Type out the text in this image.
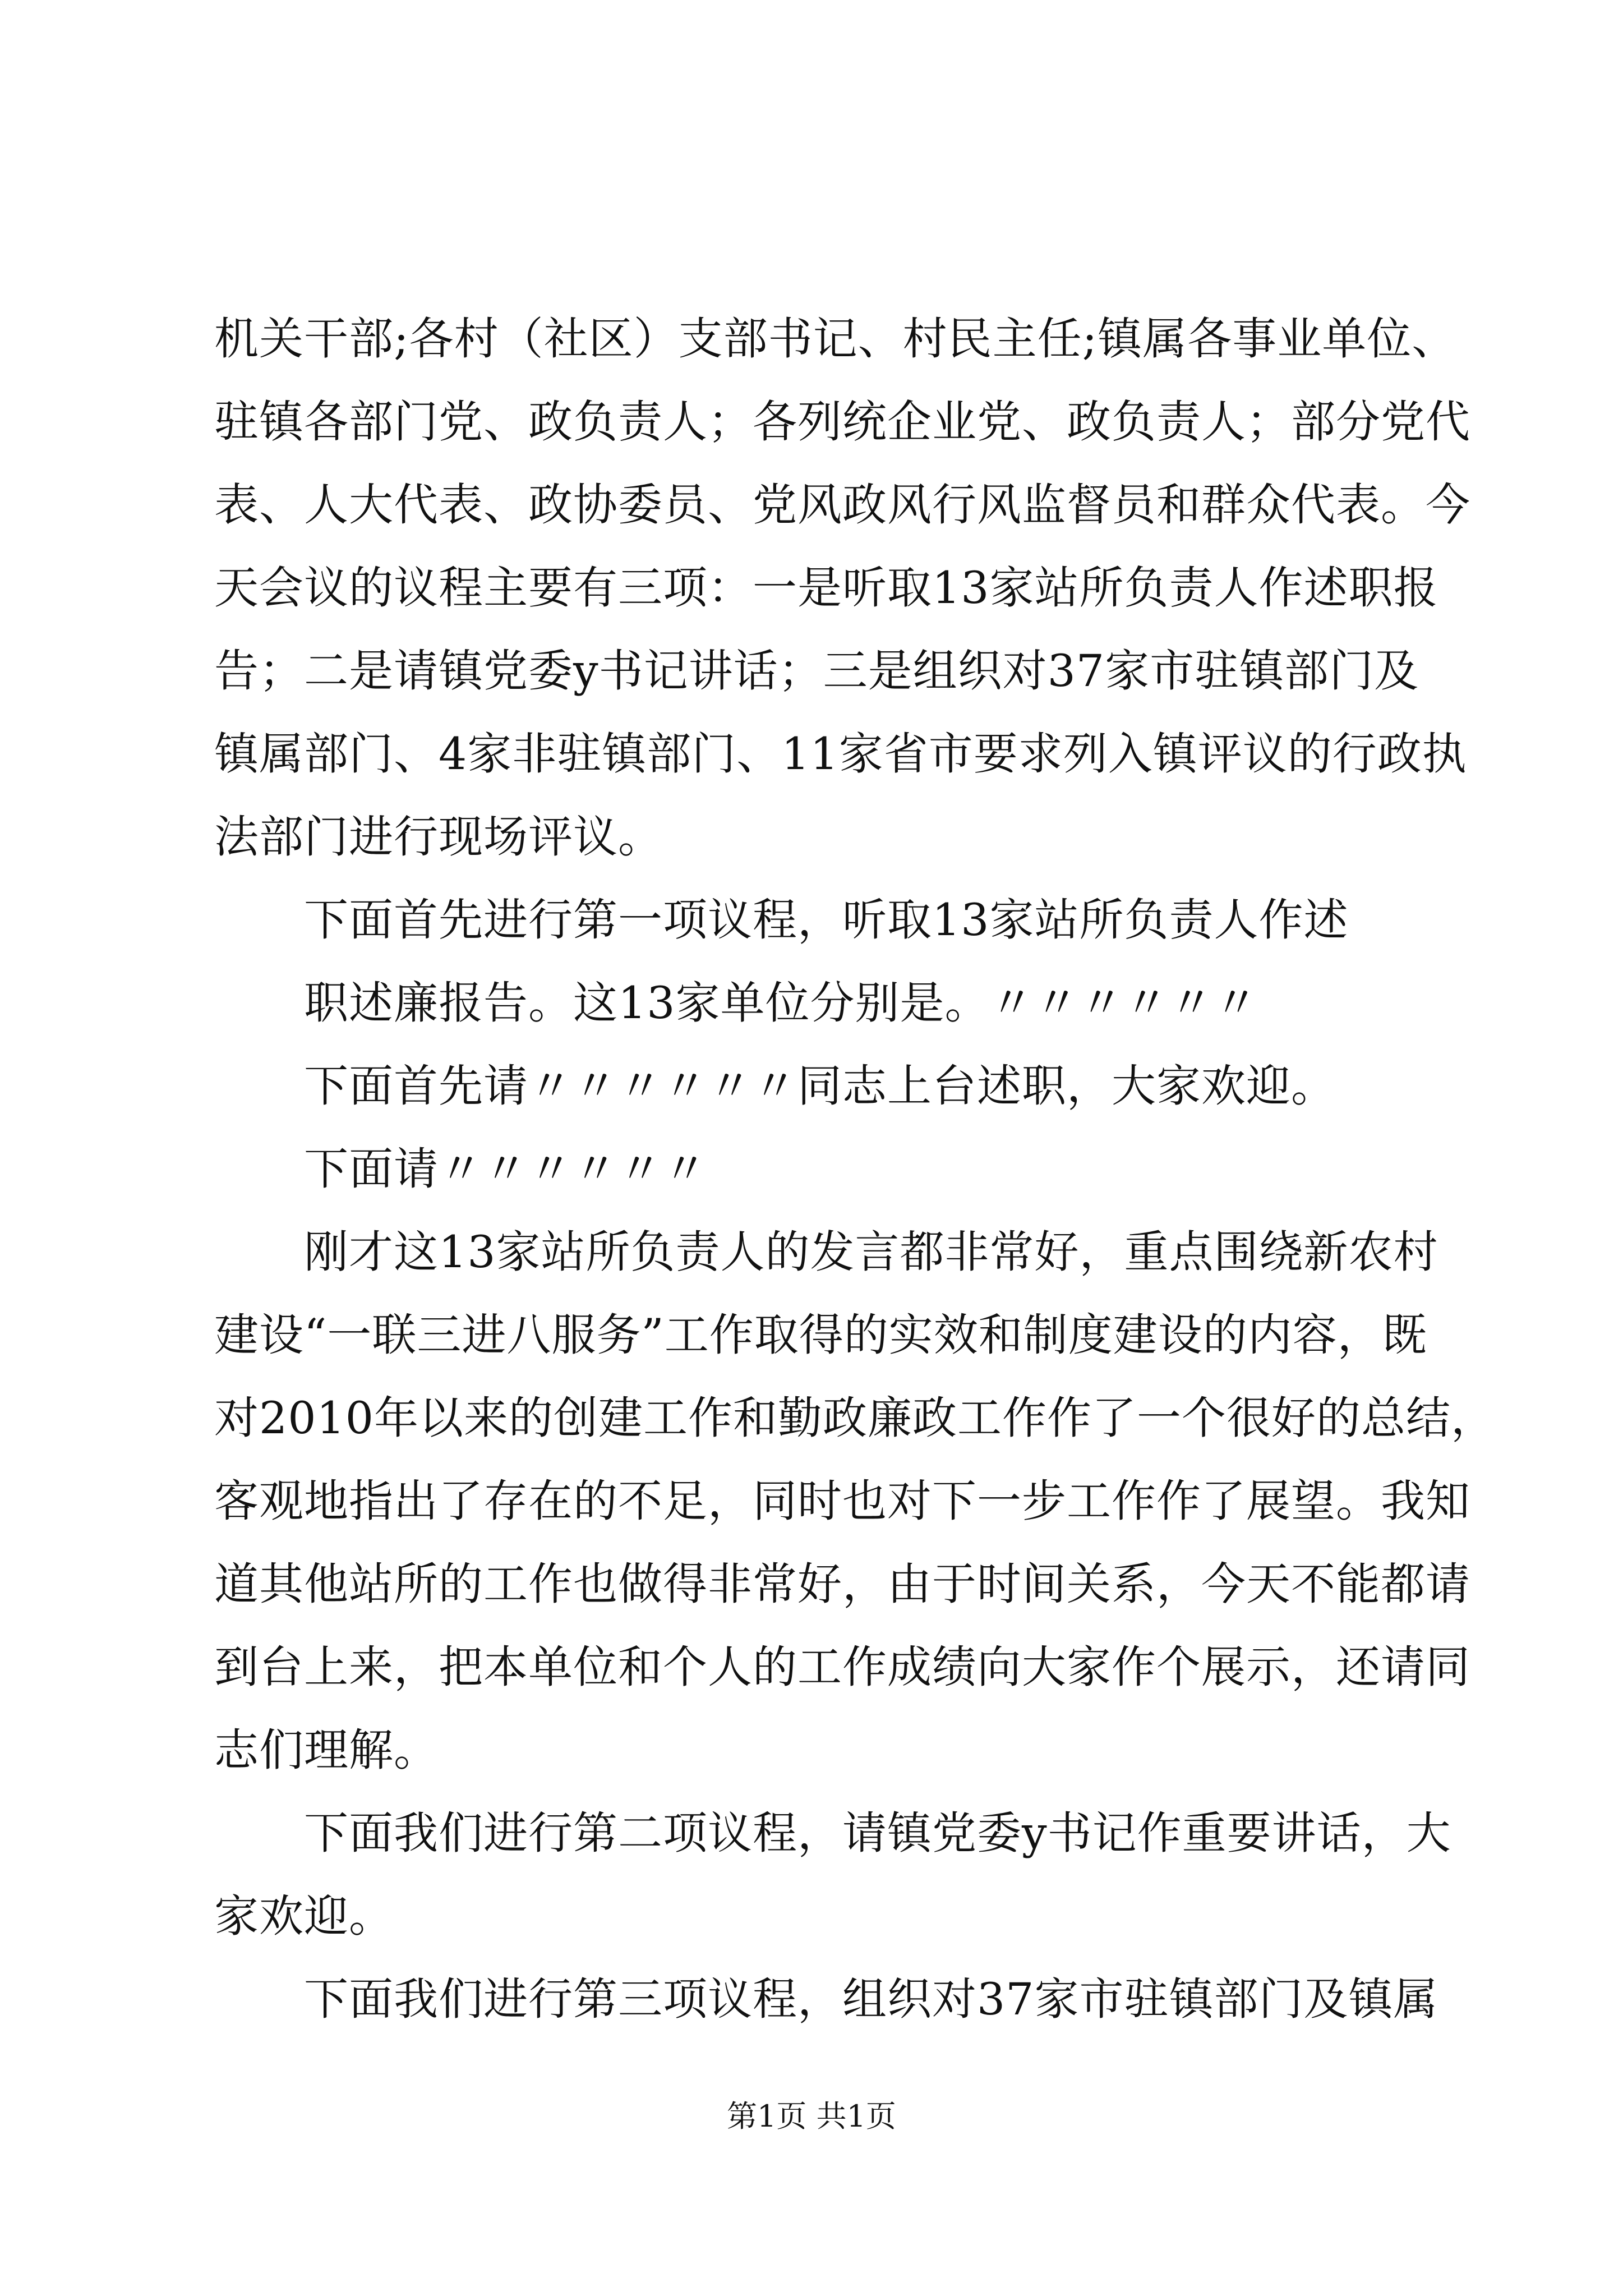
机关干部;各村（社区）支部书记、村民主任;镇属各事业单位、
驻镇各部门党、政负责人；各列统企业党、政负责人；部分党代
表、人大代表、政协委员、党风政风行风监督员和群众代表。今
天会议的议程主要有三项：一是听取13家站所负责人作述职报
告；二是请镇党委y书记讲话；三是组织对37家市驻镇部门及
镇属部门、4家非驻镇部门、11家省市要求列入镇评议的行政执
法部门进行现场评议。
下面首先进行第一项议程，听取13家站所负责人作述
职述廉报告。这13家单位分别是。〃〃〃〃〃〃
下面首先请〃〃〃〃〃〃同志上台述职，大家欢迎。
下面请〃〃〃〃〃〃
刚才这13家站所负责人的发言都非常好，重点围绕新农村
建设“一联三进八服务”工作取得的实效和制度建设的内容，既
对2010年以来的创建工作和勤政廉政工作作了一个很好的总结，
客观地指出了存在的不足，同时也对下一步工作作了展望。我知
道其他站所的工作也做得非常好，由于时间关系，今天不能都请
到台上来，把本单位和个人的工作成绩向大家作个展示，还请同
志们理解。
下面我们进行第二项议程，请镇党委y书记作重要讲话，大
家欢迎。
下面我们进行第三项议程，组织对37家市驻镇部门及镇属
第1页 共1页
